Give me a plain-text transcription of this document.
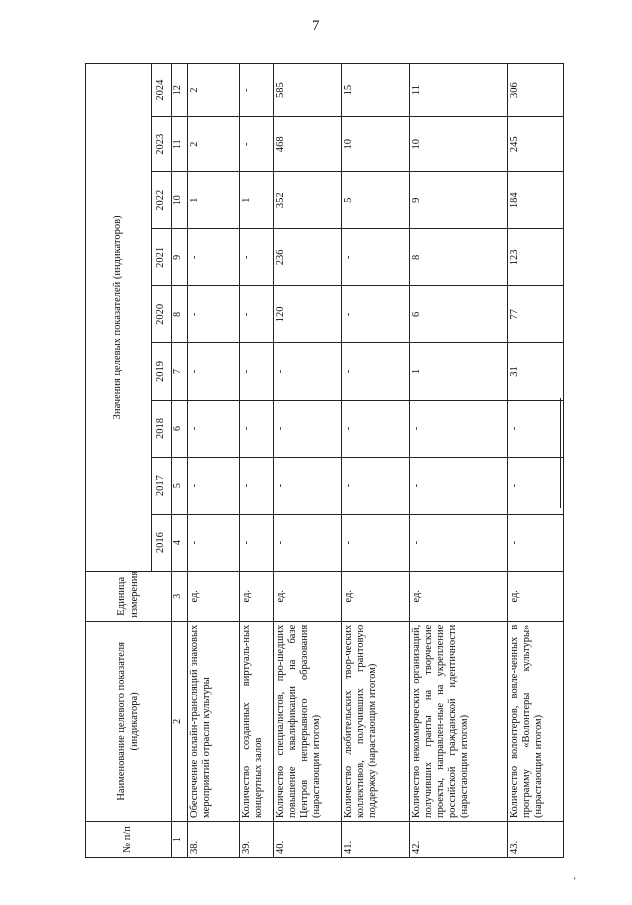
7
‘
№ п/п	Наименование целевого показателя (индикатора)	Единица измерения	Значения целевых показателей (индикаторов)								
			2016	2017	2018	2019	2020	2021	2022	2023	2024
1	2	3	4	5	6	7	8	9	10	11	12
38.	Обеспечение онлайн-трансляций знаковых мероприятий отрасли культуры	ед.	-	-	-	-	-	-	1	2	2
39.	Количество созданных виртуаль-ных концертных залов	ед.	-	-	-	-	-	-	1	-	-
40.	Количество специалистов, про-шедших повышение квалификации на базе Центров непрерывного образования (нарастающим итогом)	ед.	-	-	-	-	120	236	352	468	585
41.	Количество любительских твор-ческих коллективов, получивших грантовую поддержку (нарастающим итогом)	ед.	-	-	-	-	-	-	5	10	15
42.	Количество некоммерческих организаций, получивших гранты на творческие проекты, направлен-ные на укрепление российской гражданской идентичности (нарастающим итогом)	ед.	-	-	-	1	6	8	9	10	11
43.	Количество волонтеров, вовле-ченных в программу «Волонтеры культуры» (нарастающим итогом)	ед.	-	-	-	31	77	123	184	245	306
